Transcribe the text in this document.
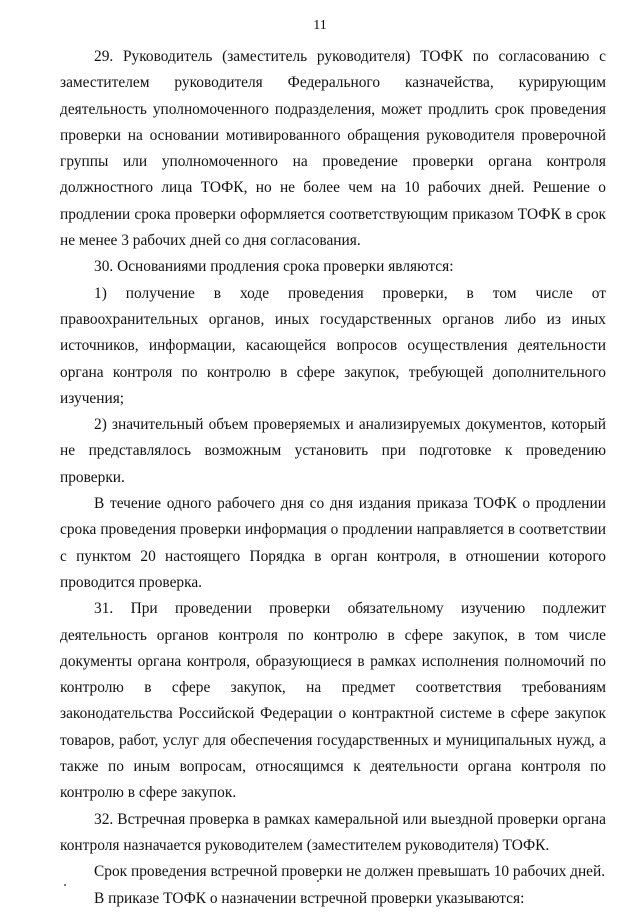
11

29. Руководитель (заместитель руководителя) ТОФК по согласованию с заместителем руководителя Федерального казначейства, курирующим деятельность уполномоченного подразделения, может продлить срок проведения проверки на основании мотивированного обращения руководителя проверочной группы или уполномоченного на проведение проверки органа контроля должностного лица ТОФК, но не более чем на 10 рабочих дней. Решение о продлении срока проверки оформляется соответствующим приказом ТОФК в срок не менее 3 рабочих дней со дня согласования.

30. Основаниями продления срока проверки являются:

1) получение в ходе проведения проверки, в том числе от правоохранительных органов, иных государственных органов либо из иных источников, информации, касающейся вопросов осуществления деятельности органа контроля по контролю в сфере закупок, требующей дополнительного изучения;

2) значительный объем проверяемых и анализируемых документов, который не представлялось возможным установить при подготовке к проведению проверки.

В течение одного рабочего дня со дня издания приказа ТОФК о продлении срока проведения проверки информация о продлении направляется в соответствии с пунктом 20 настоящего Порядка в орган контроля, в отношении которого проводится проверка.

31. При проведении проверки обязательному изучению подлежит деятельность органов контроля по контролю в сфере закупок, в том числе документы органа контроля, образующиеся в рамках исполнения полномочий по контролю в сфере закупок, на предмет соответствия требованиям законодательства Российской Федерации о контрактной системе в сфере закупок товаров, работ, услуг для обеспечения государственных и муниципальных нужд, а также по иным вопросам, относящимся к деятельности органа контроля по контролю в сфере закупок.

32. Встречная проверка в рамках камеральной или выездной проверки органа контроля назначается руководителем (заместителем руководителя) ТОФК.

Срок проведения встречной проверки не должен превышать 10 рабочих дней.

В приказе ТОФК о назначении встречной проверки указываются:
